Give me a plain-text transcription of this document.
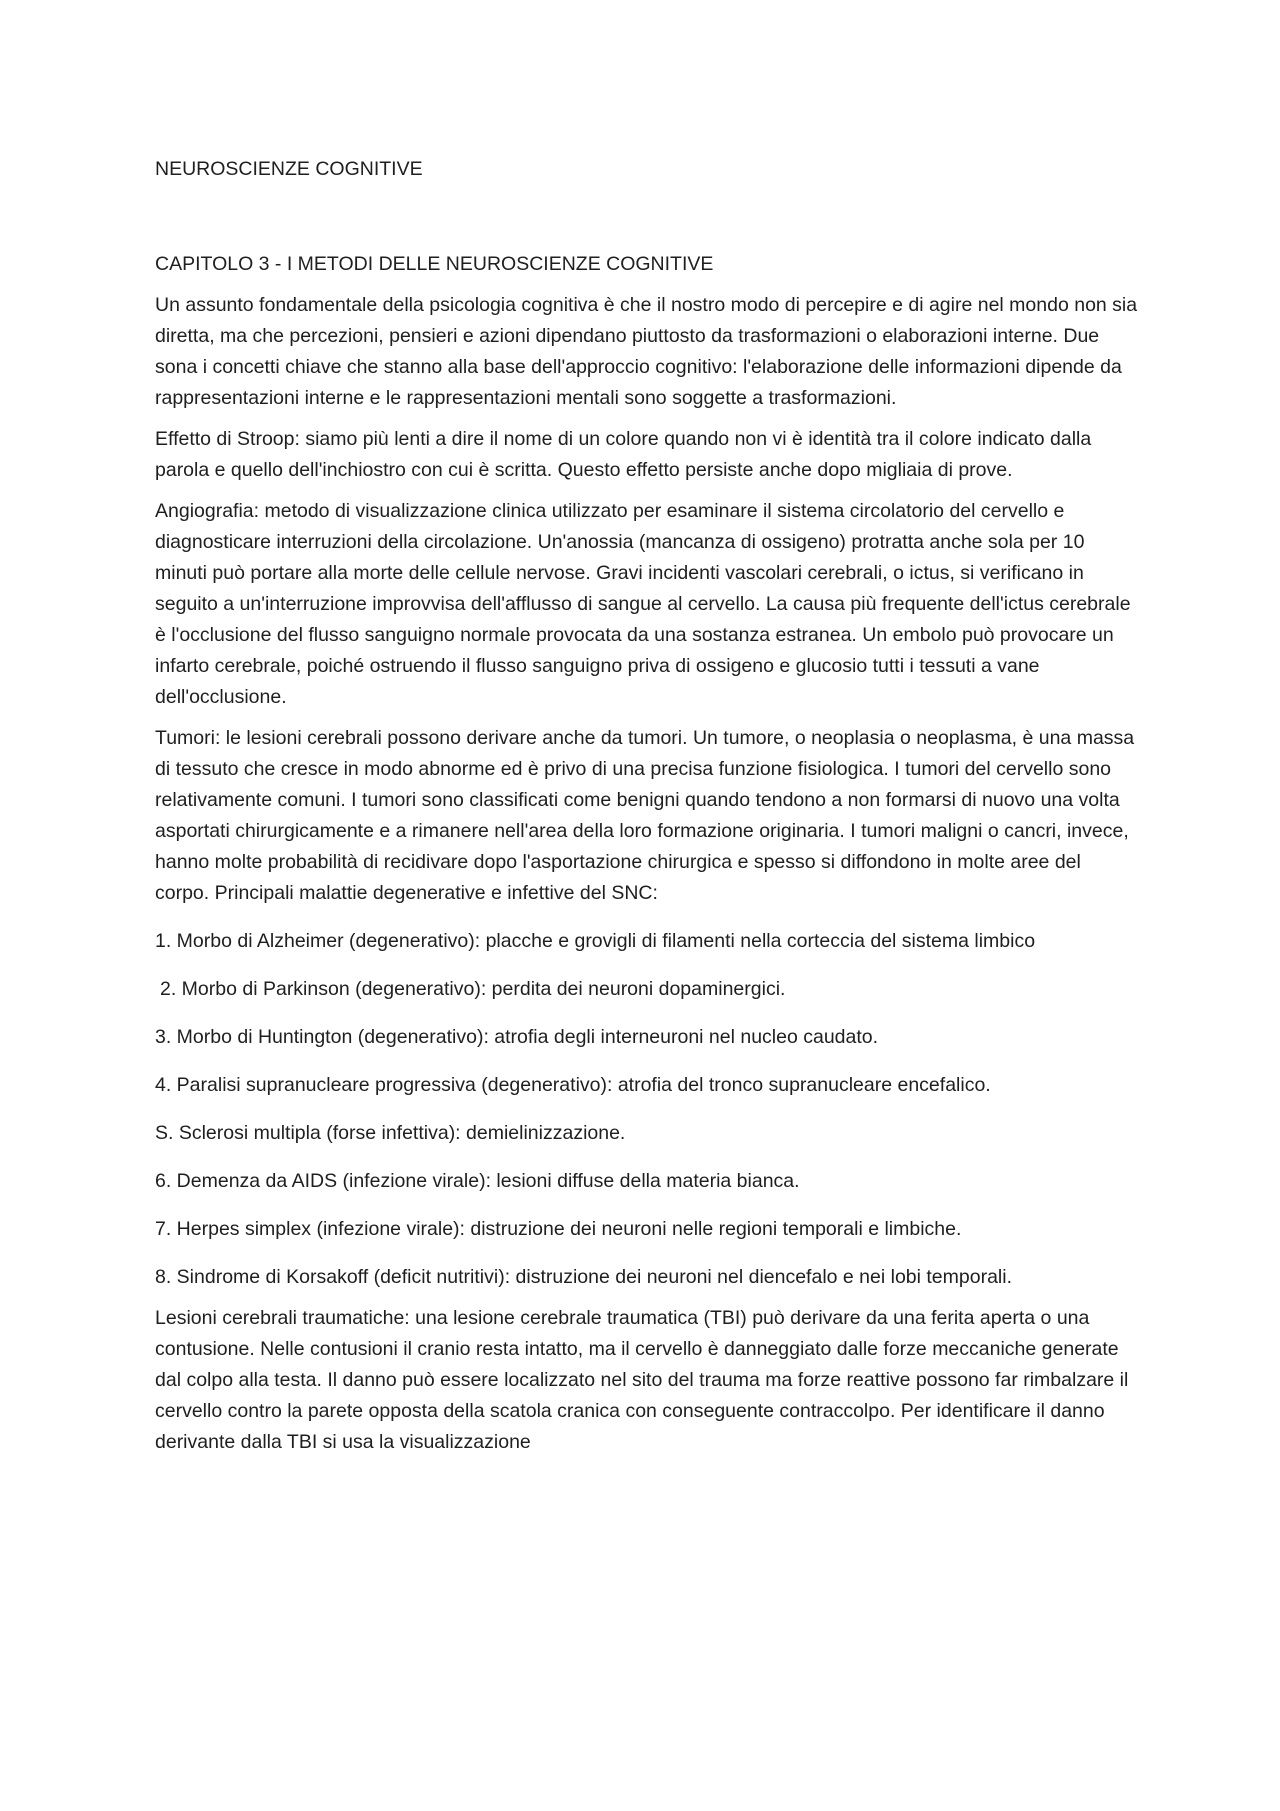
NEUROSCIENZE COGNITIVE
CAPITOLO 3 - I METODI DELLE NEUROSCIENZE COGNITIVE

Un assunto fondamentale della psicologia cognitiva è che il nostro modo di percepire e di agire nel mondo non sia diretta, ma che percezioni, pensieri e azioni dipendano piuttosto da trasformazioni o elaborazioni interne. Due sona i concetti chiave che stanno alla base dell'approccio cognitivo: l'elaborazione delle informazioni dipende da rappresentazioni interne e le rappresentazioni mentali sono soggette a trasformazioni.

Effetto di Stroop: siamo più lenti a dire il nome di un colore quando non vi è identità tra il colore indicato dalla parola e quello dell'inchiostro con cui è scritta. Questo effetto persiste anche dopo migliaia di prove.

Angiografia: metodo di visualizzazione clinica utilizzato per esaminare il sistema circolatorio del cervello e diagnosticare interruzioni della circolazione. Un'anossia (mancanza di ossigeno) protratta anche sola per 10 minuti può portare alla morte delle cellule nervose. Gravi incidenti vascolari cerebrali, o ictus, si verificano in seguito a un'interruzione improvvisa dell'afflusso di sangue al cervello. La causa più frequente dell'ictus cerebrale è l'occlusione del flusso sanguigno normale provocata da una sostanza estranea. Un embolo può provocare un infarto cerebrale, poiché ostruendo il flusso sanguigno priva di ossigeno e glucosio tutti i tessuti a vane dell'occlusione.

Tumori: le lesioni cerebrali possono derivare anche da tumori. Un tumore, o neoplasia o neoplasma, è una massa di tessuto che cresce in modo abnorme ed è privo di una precisa funzione fisiologica. I tumori del cervello sono relativamente comuni. I tumori sono classificati come benigni quando tendono a non formarsi di nuovo una volta asportati chirurgicamente e a rimanere nell'area della loro formazione originaria. I tumori maligni o cancri, invece, hanno molte probabilità di recidivare dopo l'asportazione chirurgica e spesso si diffondono in molte aree del corpo. Principali malattie degenerative e infettive del SNC:

1. Morbo di Alzheimer (degenerativo): placche e grovigli di filamenti nella corteccia del sistema limbico

2. Morbo di Parkinson (degenerativo): perdita dei neuroni dopaminergici.

3. Morbo di Huntington (degenerativo): atrofia degli interneuroni nel nucleo caudato.

4. Paralisi supranucleare progressiva (degenerativo): atrofia del tronco supranucleare encefalico.

S. Sclerosi multipla (forse infettiva): demielinizzazione.

6. Demenza da AIDS (infezione virale): lesioni diffuse della materia bianca.

7. Herpes simplex (infezione virale): distruzione dei neuroni nelle regioni temporali e limbiche.

8. Sindrome di Korsakoff (deficit nutritivi): distruzione dei neuroni nel diencefalo e nei lobi temporali.

Lesioni cerebrali traumatiche: una lesione cerebrale traumatica (TBI) può derivare da una ferita aperta o una contusione. Nelle contusioni il cranio resta intatto, ma il cervello è danneggiato dalle forze meccaniche generate dal colpo alla testa. Il danno può essere localizzato nel sito del trauma ma forze reattive possono far rimbalzare il cervello contro la parete opposta della scatola cranica con conseguente contraccolpo. Per identificare il danno derivante dalla TBI si usa la visualizzazione
